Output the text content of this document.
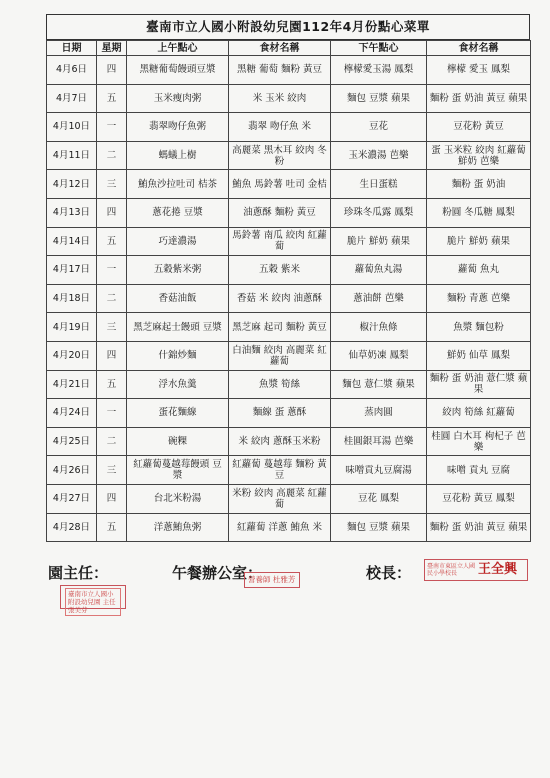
臺南市立人國小附設幼兒園112年4月份點心菜單
日期	星期	上午點心	食材名稱	下午點心	食材名稱
4月6日	四	黑糖葡萄饅頭豆漿	黑糖 葡萄 麵粉 黃豆	檸檬愛玉湯 鳳梨	檸檬 愛玉 鳳梨
4月7日	五	玉米瘦肉粥	米 玉米 絞肉	麵包 豆漿 蘋果	麵粉 蛋 奶油 黃豆 蘋果
4月10日	一	翡翠吻仔魚粥	翡翠 吻仔魚 米	豆花	豆花粉 黃豆
4月11日	二	螞蟻上樹	高麗菜 黑木耳 絞肉 冬粉	玉米濃湯 芭樂	蛋 玉米粒 絞肉 紅蘿蔔 鮮奶 芭樂
4月12日	三	鮪魚沙拉吐司 桔茶	鮪魚 馬鈴薯 吐司 金桔	生日蛋糕	麵粉 蛋 奶油
4月13日	四	蔥花捲 豆漿	油蔥酥 麵粉 黃豆	珍珠冬瓜露 鳳梨	粉圓 冬瓜糖 鳳梨
4月14日	五	巧達濃湯	馬鈴薯 南瓜 絞肉 紅蘿蔔	脆片 鮮奶 蘋果	脆片 鮮奶 蘋果
4月17日	一	五穀紫米粥	五穀 紫米	蘿蔔魚丸湯	蘿蔔 魚丸
4月18日	二	香菇油飯	香菇 米 絞肉 油蔥酥	蔥油餅 芭樂	麵粉 青蔥 芭樂
4月19日	三	黑芝麻起士饅頭 豆漿	黑芝麻 起司 麵粉 黃豆	椒汁魚條	魚漿 麵包粉
4月20日	四	什錦炒麵	白油麵 絞肉 高麗菜 紅蘿蔔	仙草奶凍 鳳梨	鮮奶 仙草 鳳梨
4月21日	五	浮水魚羹	魚漿 筍絲	麵包 薏仁漿 蘋果	麵粉 蛋 奶油 薏仁漿 蘋果
4月24日	一	蛋花麵線	麵線 蛋 蔥酥	蒸肉圓	絞肉 筍絲 紅蘿蔔
4月25日	二	碗粿	米 絞肉 蔥酥玉米粉	桂圓銀耳湯 芭樂	桂圓 白木耳 枸杞子 芭樂
4月26日	三	紅蘿蔔蔓越莓饅頭 豆漿	紅蘿蔔 蔓越莓 麵粉 黃豆	味噌貢丸豆腐湯	味噌 貢丸 豆腐
4月27日	四	台北米粉湯	米粉 絞肉 高麗菜 紅蘿蔔	豆花 鳳梨	豆花粉 黃豆 鳳梨
4月28日	五	洋蔥鮪魚粥	紅蘿蔔 洋蔥 鮪魚 米	麵包 豆漿 蘋果	麵粉 蛋 奶油 黃豆 蘋果
園主任：	午餐辦公室：	校長：
臺南市立人國小附設幼兒園 主任 張美芬
營養師 杜雅芳
臺南市東區立人國民小學校長	王全興
